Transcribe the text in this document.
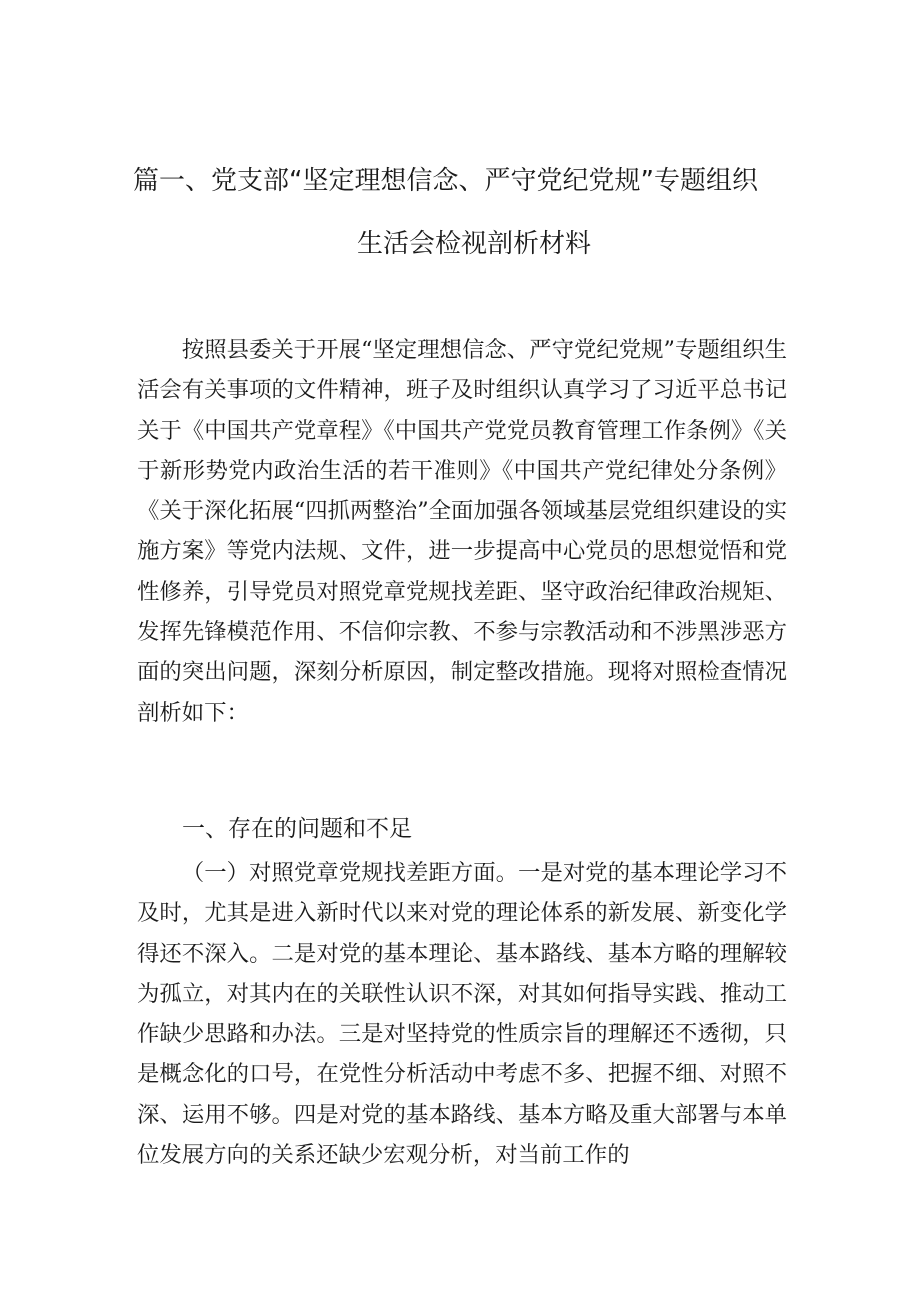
篇一、党支部“坚定理想信念、严守党纪党规”专题组织
生活会检视剖析材料

按照县委关于开展“坚定理想信念、严守党纪党规”专题组织生活会有关事项的文件精神，班子及时组织认真学习了习近平总书记关于《中国共产党章程》《中国共产党党员教育管理工作条例》《关于新形势党内政治生活的若干准则》《中国共产党纪律处分条例》《关于深化拓展“四抓两整治”全面加强各领域基层党组织建设的实施方案》等党内法规、文件，进一步提高中心党员的思想觉悟和党性修养，引导党员对照党章党规找差距、坚守政治纪律政治规矩、发挥先锋模范作用、不信仰宗教、不参与宗教活动和不涉黑涉恶方面的突出问题，深刻分析原因，制定整改措施。现将对照检查情况剖析如下：

一、存在的问题和不足

（一）对照党章党规找差距方面。一是对党的基本理论学习不及时，尤其是进入新时代以来对党的理论体系的新发展、新变化学得还不深入。二是对党的基本理论、基本路线、基本方略的理解较为孤立，对其内在的关联性认识不深，对其如何指导实践、推动工作缺少思路和办法。三是对坚持党的性质宗旨的理解还不透彻，只是概念化的口号，在党性分析活动中考虑不多、把握不细、对照不深、运用不够。四是对党的基本路线、基本方略及重大部署与本单位发展方向的关系还缺少宏观分析，对当前工作的
